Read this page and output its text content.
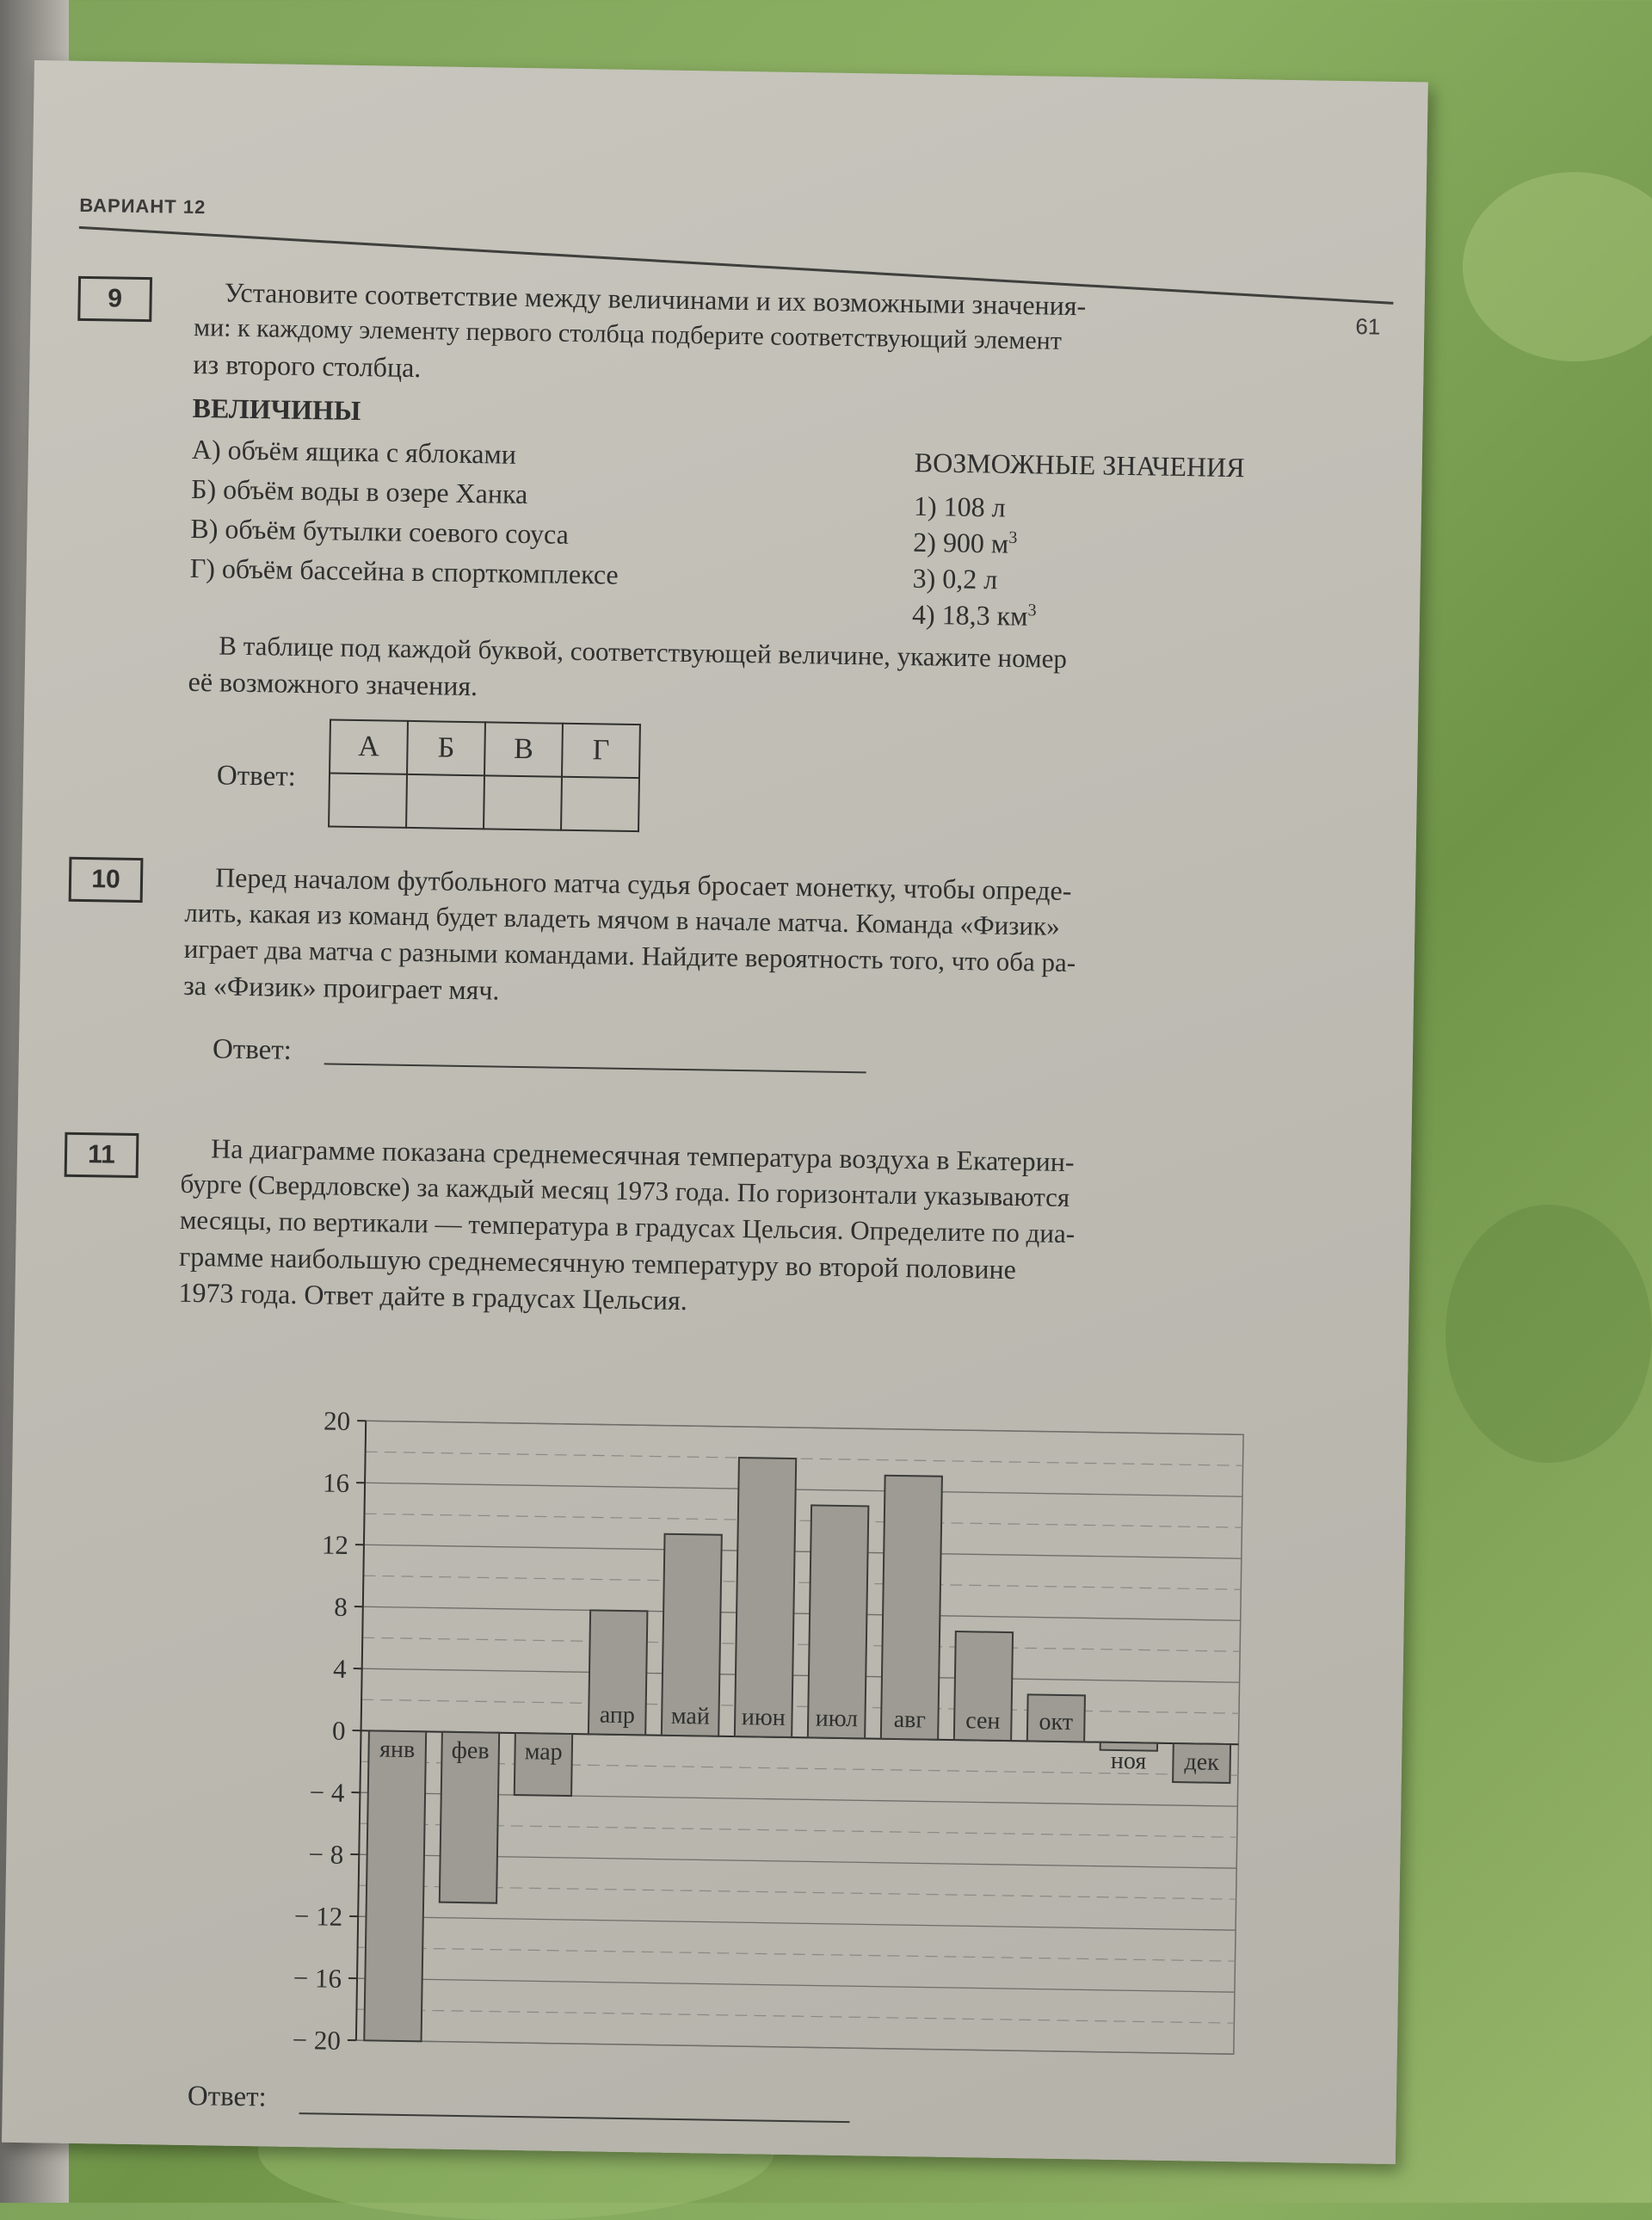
ВАРИАНТ 12
61
9	Установите соответствие между величинами и их возможными значения-
ми: к каждому элементу первого столбца подберите соответствующий элемент
из второго столбца.
ВЕЛИЧИНЫ
А) объём ящика с яблоками
Б) объём воды в озере Ханка
В) объём бутылки соевого соуса
Г) объём бассейна в спорткомплексе
ВОЗМОЖНЫЕ ЗНАЧЕНИЯ
1) 108 л
2) 900 $м^3$
3) 0,2 л
4) 18,3 $км^3$
В таблице под каждой буквой, соответствующей величине, укажите номер
её возможного значения.
Ответ:
А	Б	В	Г

10	Перед началом футбольного матча судья бросает монетку, чтобы опреде-
лить, какая из команд будет владеть мячом в начале матча. Команда «Физик»
играет два матча с разными командами. Найдите вероятность того, что оба ра-
за «Физик» проиграет мяч.
Ответ:
11	На диаграмме показана среднемесячная температура воздуха в Екатерин-
бурге (Свердловске) за каждый месяц 1973 года. По горизонтали указываются
месяцы, по вертикали — температура в градусах Цельсия. Определите по диа-
грамме наибольшую среднемесячную температуру во второй половине
1973 года. Ответ дайте в градусах Цельсия.
20
16
12
8
4
0
− 4
− 8
− 12
− 16
− 20
янв фев мар
апр май июн июл авг сен окт
ноя дек
Ответ:
